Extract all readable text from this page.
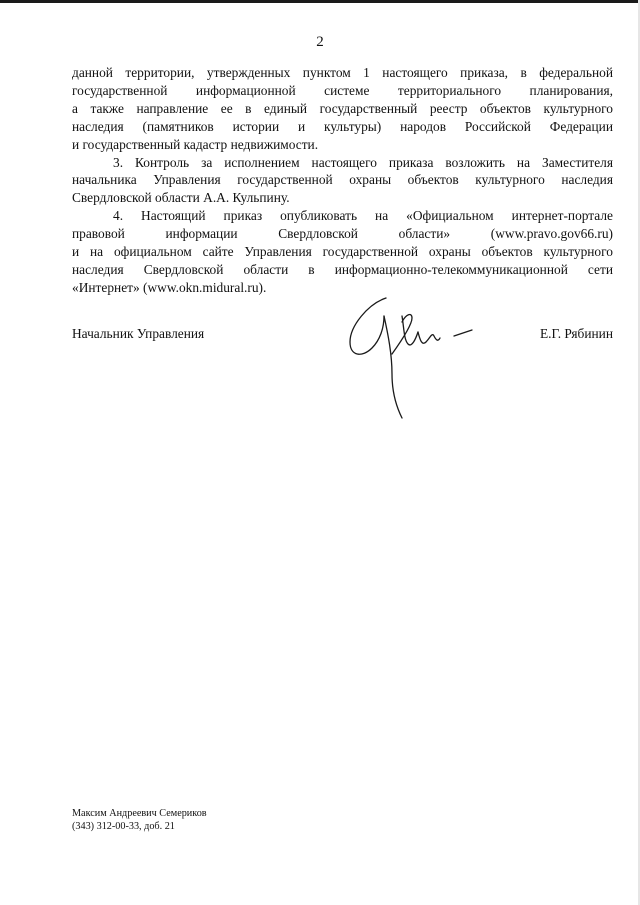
2
данной территории, утвержденных пунктом 1 настоящего приказа, в федеральной
государственной информационной системе территориального планирования,
а также направление ее в единый государственный реестр объектов культурного
наследия (памятников истории и культуры) народов Российской Федерации
и государственный кадастр недвижимости.
3. Контроль за исполнением настоящего приказа возложить на Заместителя
начальника Управления государственной охраны объектов культурного наследия
Свердловской области А.А. Кульпину.
4. Настоящий приказ опубликовать на «Официальном интернет-портале
правовой информации Свердловской области» (www.pravo.gov66.ru)
и на официальном сайте Управления государственной охраны объектов культурного
наследия Свердловской области в информационно-телекоммуникационной сети
«Интернет» (www.okn.midural.ru).
Начальник Управления	Е.Г. Рябинин
Максим Андреевич Семериков
(343) 312-00-33, доб. 21
